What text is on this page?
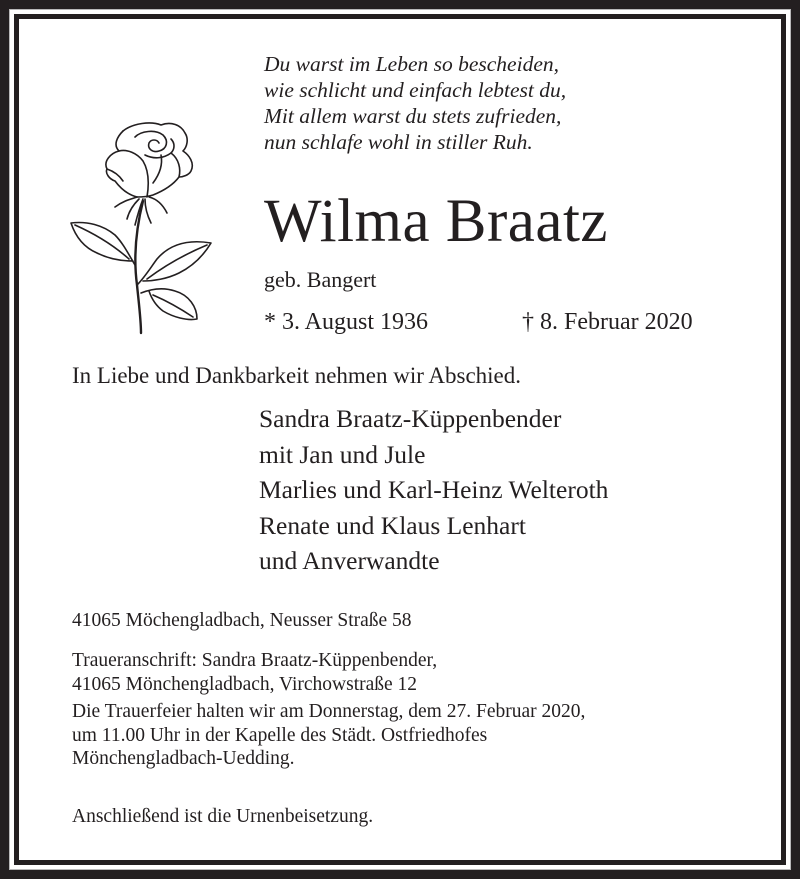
Du warst im Leben so bescheiden,
wie schlicht und einfach lebtest du,
Mit allem warst du stets zufrieden,
nun schlafe wohl in stiller Ruh.
Wilma Braatz
geb. Bangert
* 3. August 1936	† 8. Februar 2020
In Liebe und Dankbarkeit nehmen wir Abschied.
Sandra Braatz-Küppenbender
mit Jan und Jule
Marlies und Karl-Heinz Welteroth
Renate und Klaus Lenhart
und Anverwandte
41065 Möchengladbach, Neusser Straße 58
Traueranschrift: Sandra Braatz-Küppenbender,
41065 Mönchengladbach, Virchowstraße 12
Die Trauerfeier halten wir am Donnerstag, dem 27. Februar 2020,
um 11.00 Uhr in der Kapelle des Städt. Ostfriedhofes
Mönchengladbach-Uedding.
Anschließend ist die Urnenbeisetzung.
